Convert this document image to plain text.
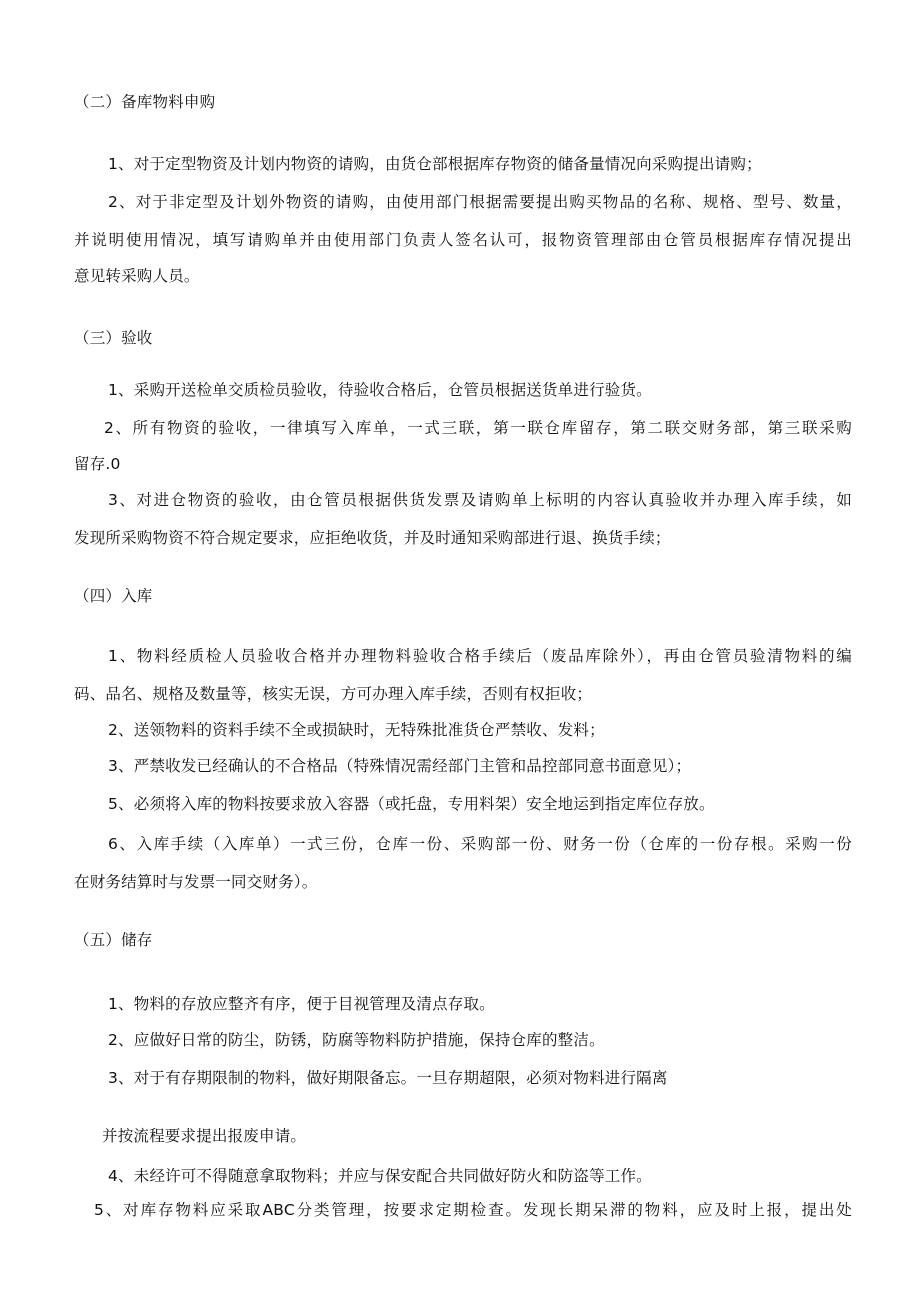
（二）备库物料申购
1、对于定型物资及计划内物资的请购，由货仓部根据库存物资的储备量情况向采购提出请购；
2、对于非定型及计划外物资的请购，由使用部门根据需要提出购买物品的名称、规格、型号、数量，
并说明使用情况，填写请购单并由使用部门负责人签名认可，报物资管理部由仓管员根据库存情况提出
意见转采购人员。
（三）验收
1、采购开送检单交质检员验收，待验收合格后，仓管员根据送货单进行验货。
2、所有物资的验收，一律填写入库单，一式三联，第一联仓库留存，第二联交财务部，第三联采购
留存.0
3、对进仓物资的验收，由仓管员根据供货发票及请购单上标明的内容认真验收并办理入库手续，如
发现所采购物资不符合规定要求，应拒绝收货，并及时通知采购部进行退、换货手续；
（四）入库
1、物料经质检人员验收合格并办理物料验收合格手续后（废品库除外），再由仓管员验清物料的编
码、品名、规格及数量等，核实无误，方可办理入库手续，否则有权拒收；
2、送领物料的资料手续不全或损缺时，无特殊批准货仓严禁收、发料；
3、严禁收发已经确认的不合格品（特殊情况需经部门主管和品控部同意书面意见）；
5、必须将入库的物料按要求放入容器（或托盘，专用料架）安全地运到指定库位存放。
6、入库手续（入库单）一式三份，仓库一份、采购部一份、财务一份（仓库的一份存根。采购一份
在财务结算时与发票一同交财务）。
（五）储存
1、物料的存放应整齐有序，便于目视管理及清点存取。
2、应做好日常的防尘，防锈，防腐等物料防护措施，保持仓库的整洁。
3、对于有存期限制的物料，做好期限备忘。一旦存期超限，必须对物料进行隔离
并按流程要求提出报废申请。
4、未经许可不得随意拿取物料；并应与保安配合共同做好防火和防盗等工作。
5、对库存物料应采取ABC分类管理，按要求定期检查。发现长期呆滞的物料，应及时上报，提出处
